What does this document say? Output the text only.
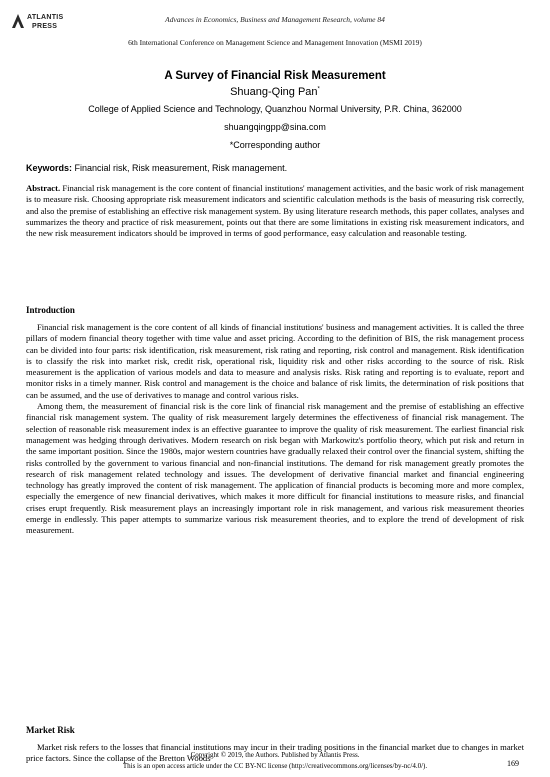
ATLANTIS
PRESS
Advances in Economics, Business and Management Research, volume 84
6th International Conference on Management Science and Management Innovation (MSMI 2019)
A Survey of Financial Risk Measurement
Shuang-Qing Pan*
College of Applied Science and Technology, Quanzhou Normal University, P.R. China, 362000
shuangqingpp@sina.com
*Corresponding author
Keywords: Financial risk, Risk measurement, Risk management.

Abstract. Financial risk management is the core content of financial institutions' management activities, and the basic work of risk management is to measure risk. Choosing appropriate risk measurement indicators and scientific calculation methods is the basis of measuring risk correctly, and also the premise of establishing an effective risk management system. By using literature research methods, this paper collates, analyses and summarizes the theory and practice of risk measurement, points out that there are some limitations in existing risk measurement indicators, and the new risk measurement indicators should be improved in terms of good performance, easy calculation and reasonable testing.

Introduction

Financial risk management is the core content of all kinds of financial institutions' business and management activities. It is called the three pillars of modern financial theory together with time value and asset pricing. According to the definition of BIS, the risk management process can be divided into four parts: risk identification, risk measurement, risk rating and reporting, risk control and management. Risk identification is to classify the risk into market risk, credit risk, operational risk, liquidity risk and other risks according to the source of risk. Risk measurement is the application of various models and data to measure and analysis risks. Risk rating and reporting is to evaluate, report and monitor risks in a timely manner. Risk control and management is the choice and balance of risk limits, the determination of risk positions that can be assumed, and the use of derivatives to manage and control various risks.

Among them, the measurement of financial risk is the core link of financial risk management and the premise of establishing an effective financial risk management system. The quality of risk measurement largely determines the effectiveness of financial risk management. The selection of reasonable risk measurement index is an effective guarantee to improve the quality of risk measurement. The earliest financial risk management was hedging through derivatives. Modern research on risk began with Markowitz's portfolio theory, which put risk and return in the same important position. Since the 1980s, major western countries have gradually relaxed their control over the financial system, shifting the risks controlled by the government to various financial and non-financial institutions. The demand for risk management greatly promotes the research of risk management related technology and issues. The development of derivative financial market and financial engineering technology has greatly improved the content of risk management. The application of financial products is becoming more and more complex, especially the emergence of new financial derivatives, which makes it more difficult for financial institutions to measure risks, and financial crises erupt frequently. Risk measurement plays an increasingly important role in risk management, and various risk measurement theories emerge in endlessly. This paper attempts to summarize various risk measurement theories, and to explore the trend of development of risk measurement.

Market Risk

Market risk refers to the losses that financial institutions may incur in their trading positions in the financial market due to changes in market price factors. Since the collapse of the Bretton Woods

Copyright © 2019, the Authors. Published by Atlantis Press.
This is an open access article under the CC BY-NC license (http://creativecommons.org/licenses/by-nc/4.0/).	169
